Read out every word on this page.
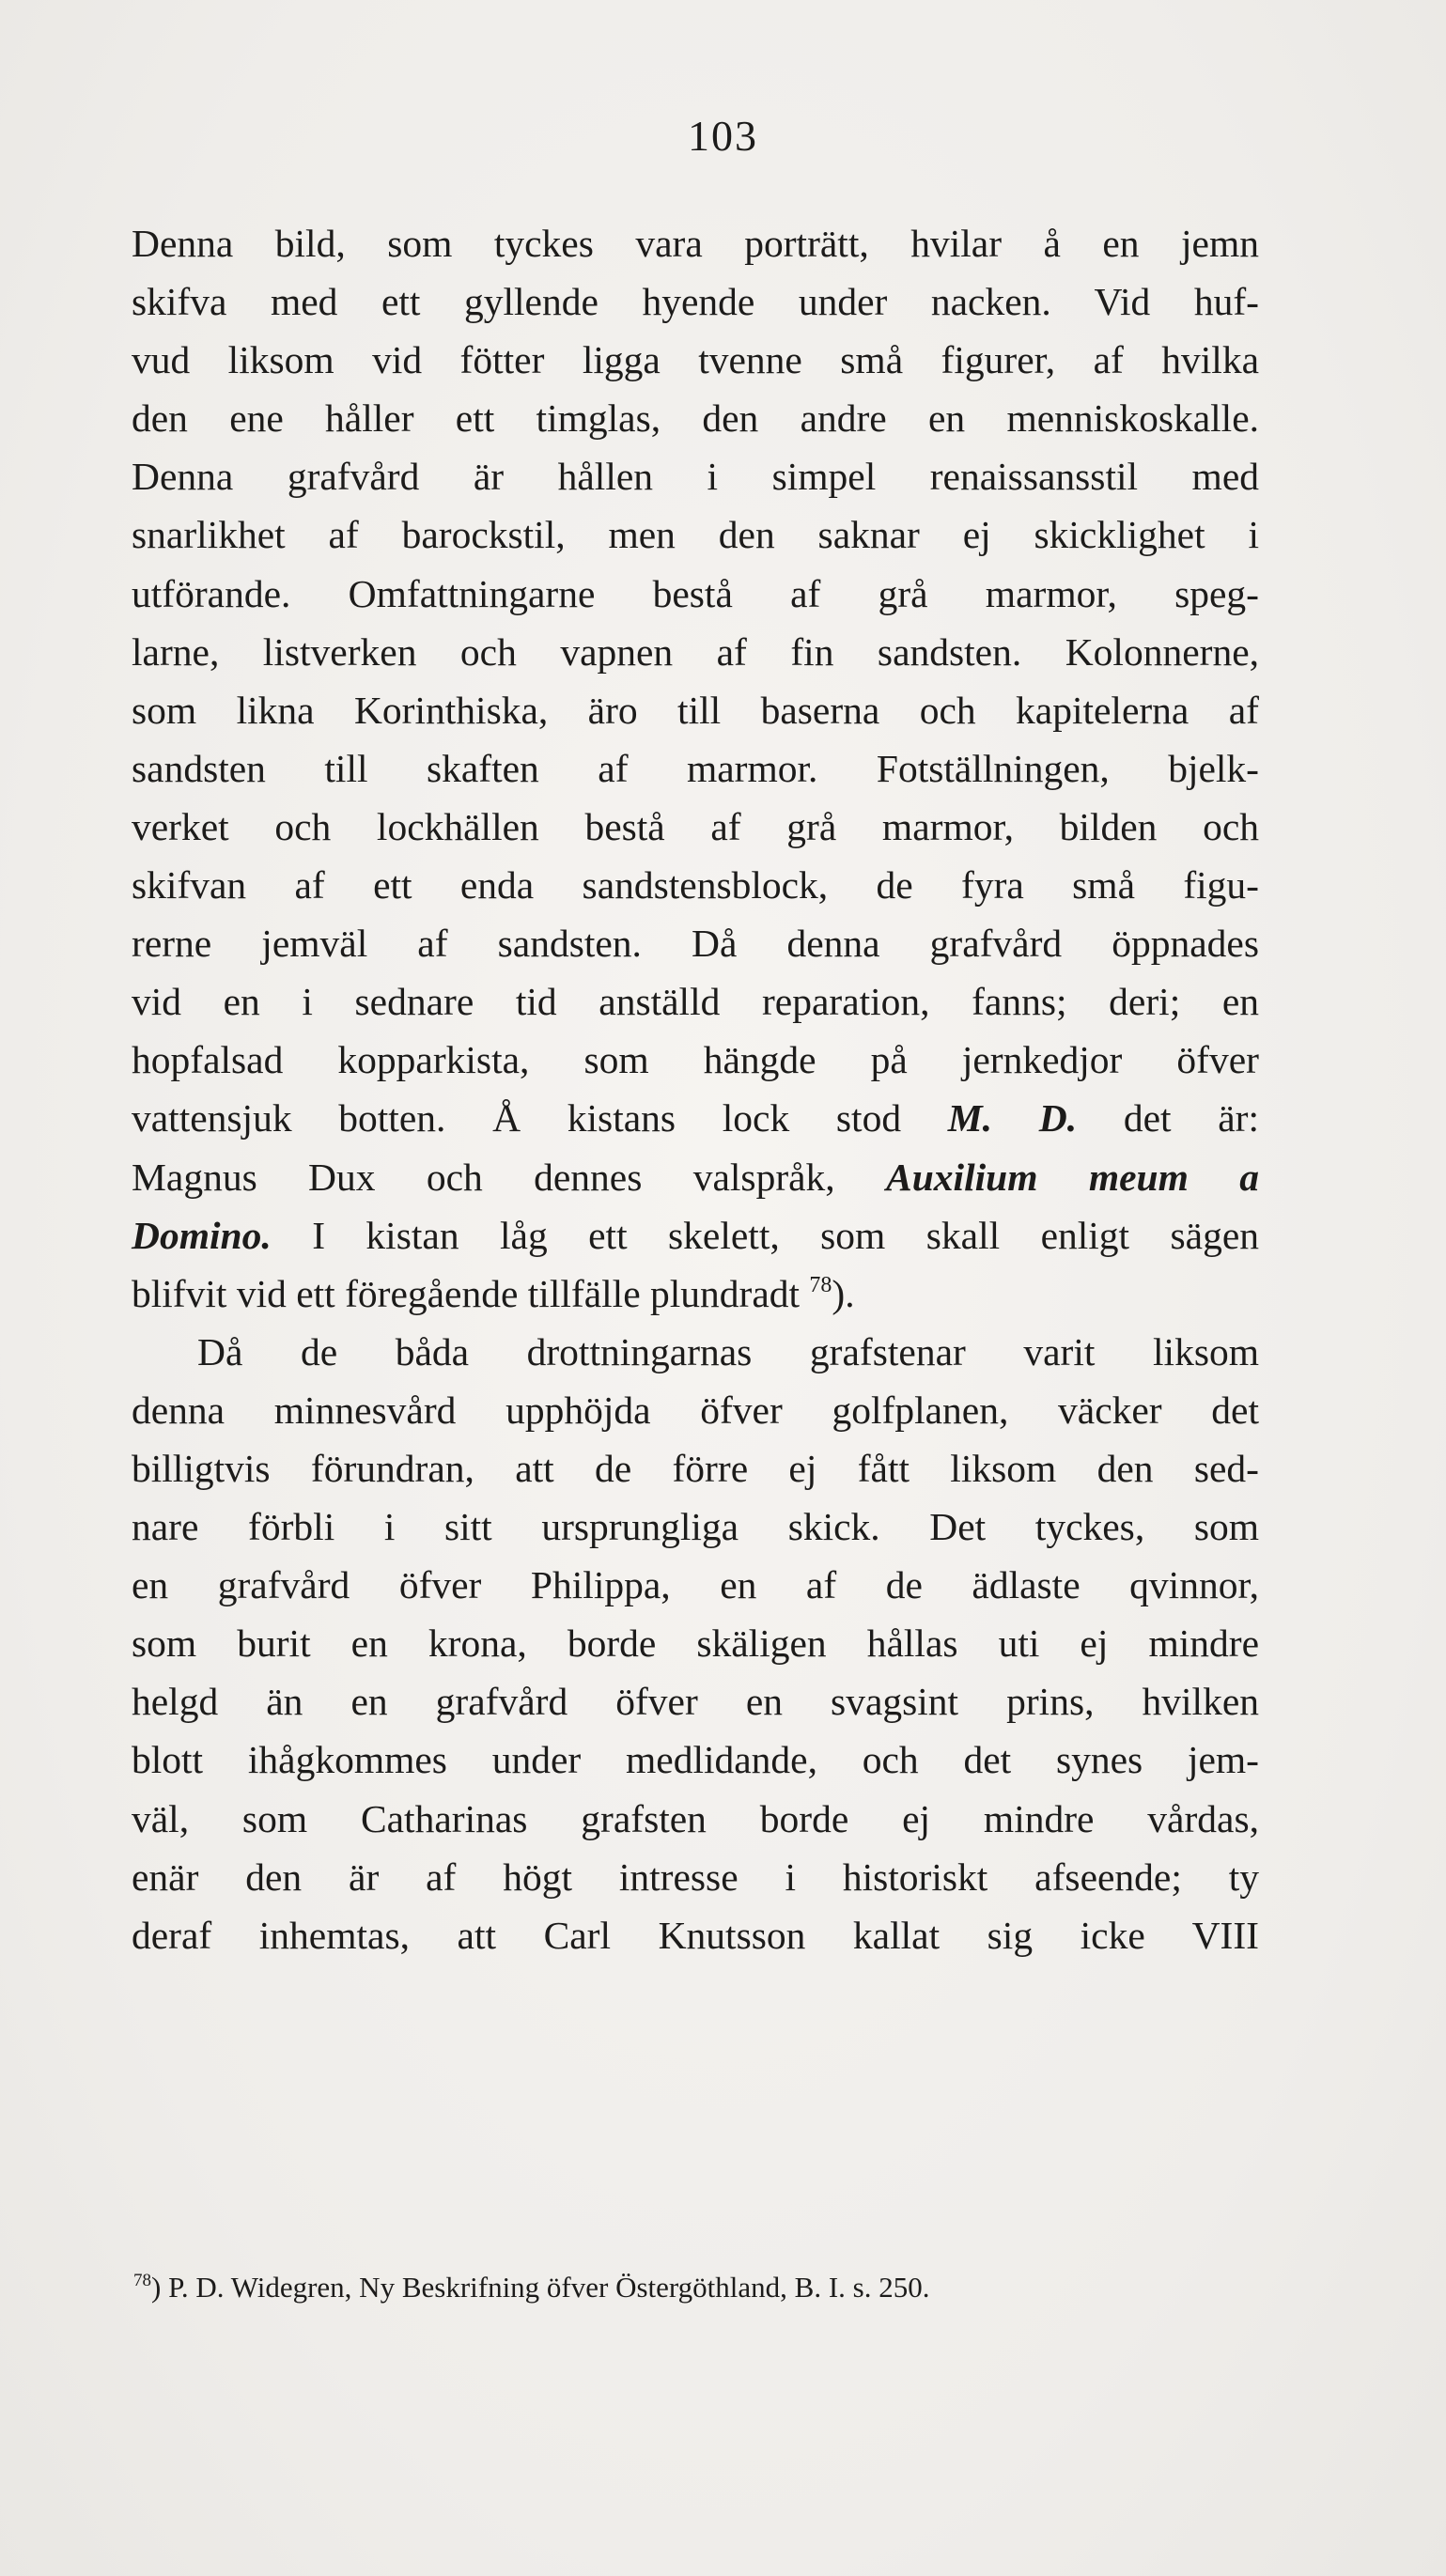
103
Denna bild, som tyckes vara porträtt, hvilar å en jemn
skifva med ett gyllende hyende under nacken. Vid huf-
vud liksom vid fötter ligga tvenne små figurer, af hvilka
den ene håller ett timglas, den andre en menniskoskalle.
Denna grafvård är hållen i simpel renaissansstil med
snarlikhet af barockstil, men den saknar ej skicklighet i
utförande. Omfattningarne bestå af grå marmor, speg-
larne, listverken och vapnen af fin sandsten. Kolonnerne,
som likna Korinthiska, äro till baserna och kapitelerna af
sandsten till skaften af marmor. Fotställningen, bjelk-
verket och lockhällen bestå af grå marmor, bilden och
skifvan af ett enda sandstensblock, de fyra små figu-
rerne jemväl af sandsten. Då denna grafvård öppnades
vid en i sednare tid anställd reparation, fanns; deri; en
hopfalsad kopparkista, som hängde på jernkedjor öfver
vattensjuk botten. Å kistans lock stod M. D. det är:
Magnus Dux och dennes valspråk, Auxilium meum a
Domino. I kistan låg ett skelett, som skall enligt sägen
blifvit vid ett föregående tillfälle plundradt $^{78}$).
Då de båda drottningarnas grafstenar varit liksom
denna minnesvård upphöjda öfver golfplanen, väcker det
billigtvis förundran, att de förre ej fått liksom den sed-
nare förbli i sitt ursprungliga skick. Det tyckes, som
en grafvård öfver Philippa, en af de ädlaste qvinnor,
som burit en krona, borde skäligen hållas uti ej mindre
helgd än en grafvård öfver en svagsint prins, hvilken
blott ihågkommes under medlidande, och det synes jem-
väl, som Catharinas grafsten borde ej mindre vårdas,
enär den är af högt intresse i historiskt afseende; ty
deraf inhemtas, att Carl Knutsson kallat sig icke VIII
$^{78}$) P. D. Widegren, Ny Beskrifning öfver Östergöthland, B. I. s. 250.
